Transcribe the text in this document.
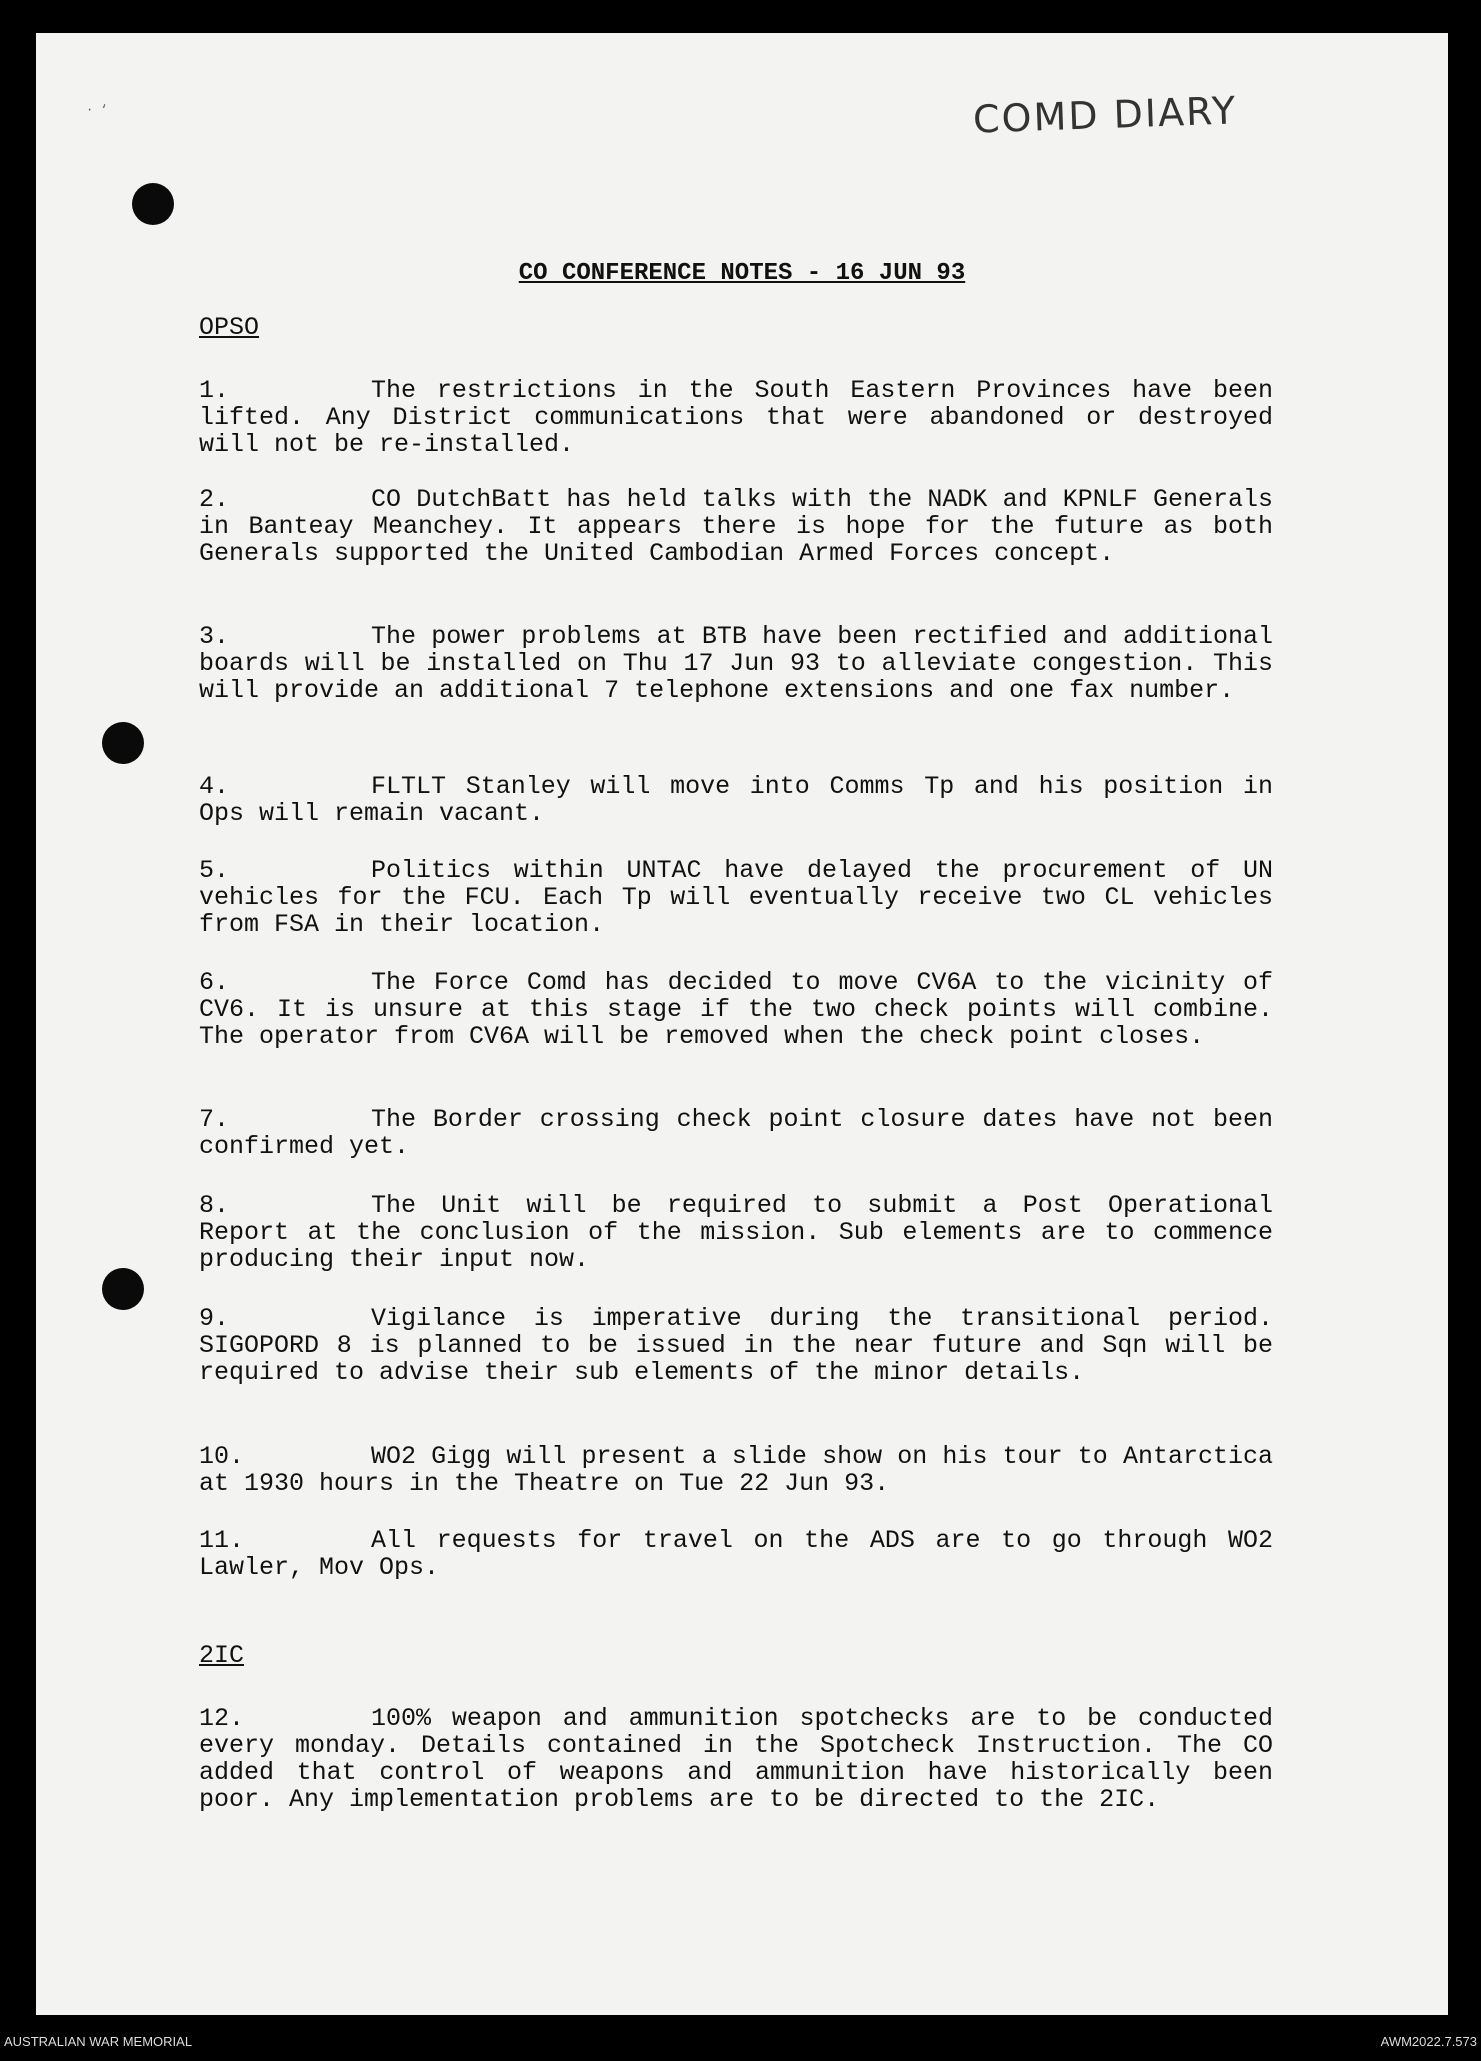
COMD DIARY
· ‘
CO CONFERENCE NOTES - 16 JUN 93
OPSO
1.	The restrictions in the South Eastern Provinces have been lifted. Any District communications that were abandoned or destroyed will not be re-installed.
2.	CO DutchBatt has held talks with the NADK and KPNLF Generals in Banteay Meanchey. It appears there is hope for the future as both Generals supported the United Cambodian Armed Forces concept.
3.	The power problems at BTB have been rectified and additional boards will be installed on Thu 17 Jun 93 to alleviate congestion. This will provide an additional 7 telephone extensions and one fax number.
4.	FLTLT Stanley will move into Comms Tp and his position in Ops will remain vacant.
5.	Politics within UNTAC have delayed the procurement of UN vehicles for the FCU. Each Tp will eventually receive two CL vehicles from FSA in their location.
6.	The Force Comd has decided to move CV6A to the vicinity of CV6. It is unsure at this stage if the two check points will combine. The operator from CV6A will be removed when the check point closes.
7.	The Border crossing check point closure dates have not been confirmed yet.
8.	The Unit will be required to submit a Post Operational Report at the conclusion of the mission. Sub elements are to commence producing their input now.
9.	Vigilance is imperative during the transitional period. SIGOPORD 8 is planned to be issued in the near future and Sqn will be required to advise their sub elements of the minor details.
10.	WO2 Gigg will present a slide show on his tour to Antarctica at 1930 hours in the Theatre on Tue 22 Jun 93.
11.	All requests for travel on the ADS are to go through WO2 Lawler, Mov Ops.
2IC
12.	100% weapon and ammunition spotchecks are to be conducted every monday. Details contained in the Spotcheck Instruction. The CO added that control of weapons and ammunition have historically been poor. Any implementation problems are to be directed to the 2IC.
AUSTRALIAN WAR MEMORIAL	AWM2022.7.573
